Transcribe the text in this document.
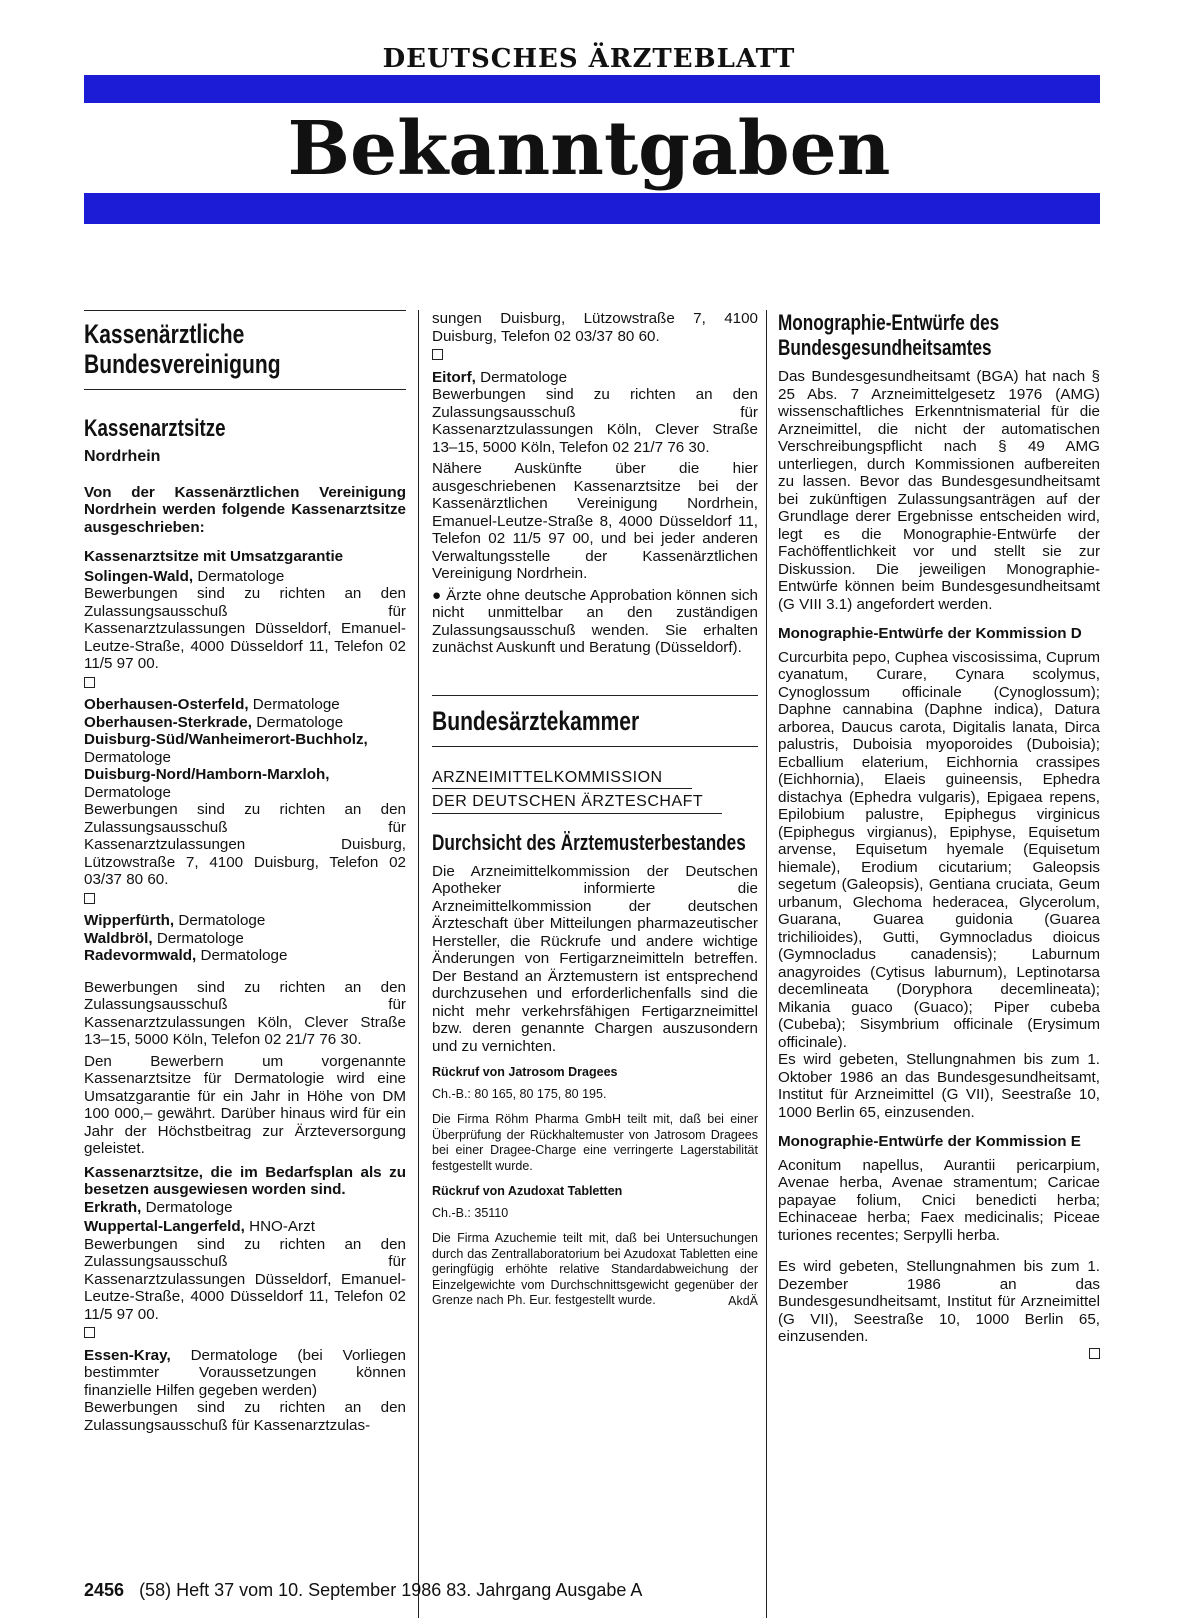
DEUTSCHES ÄRZTEBLATT
Bekanntgaben
Kassenärztliche Bundesvereinigung
Kassenarztsitze
Nordrhein

Von der Kassenärztlichen Vereinigung Nordrhein werden folgende Kassenarztsitze ausgeschrieben:

Kassenarztsitze mit Umsatzgarantie

Solingen-Wald, Dermatologe

Bewerbungen sind zu richten an den Zulassungsausschuß für Kassenarztzulassungen Düsseldorf, Emanuel-Leutze-Straße, 4000 Düsseldorf 11, Telefon 02 11/5 97 00.

Oberhausen-Osterfeld, Dermatologe

Oberhausen-Sterkrade, Dermatologe

Duisburg-Süd/Wanheimerort-Buchholz, Dermatologe

Duisburg-Nord/Hamborn-Marxloh, Dermatologe

Bewerbungen sind zu richten an den Zulassungsausschuß für Kassenarztzulassungen Duisburg, Lützowstraße 7, 4100 Duisburg, Telefon 02 03/37 80 60.

Wipperfürth, Dermatologe

Waldbröl, Dermatologe

Radevormwald, Dermatologe

Bewerbungen sind zu richten an den Zulassungsausschuß für Kassenarztzulassungen Köln, Clever Straße 13–15, 5000 Köln, Telefon 02 21/7 76 30.

Den Bewerbern um vorgenannte Kassenarztsitze für Dermatologie wird eine Umsatzgarantie für ein Jahr in Höhe von DM 100 000,– gewährt. Darüber hinaus wird für ein Jahr der Höchstbeitrag zur Ärzteversorgung geleistet.

Kassenarztsitze, die im Bedarfsplan als zu besetzen ausgewiesen worden sind.

Erkrath, Dermatologe

Wuppertal-Langerfeld, HNO-Arzt

Bewerbungen sind zu richten an den Zulassungsausschuß für Kassenarztzulassungen Düsseldorf, Emanuel-Leutze-Straße, 4000 Düsseldorf 11, Telefon 02 11/5 97 00.

Essen-Kray, Dermatologe (bei Vorliegen bestimmter Voraussetzungen können finanzielle Hilfen gegeben werden)

Bewerbungen sind zu richten an den Zulassungsausschuß für Kassenarztzulas-

sungen Duisburg, Lützowstraße 7, 4100 Duisburg, Telefon 02 03/37 80 60.

Eitorf, Dermatologe

Bewerbungen sind zu richten an den Zulassungsausschuß für Kassenarztzulassungen Köln, Clever Straße 13–15, 5000 Köln, Telefon 02 21/7 76 30.

Nähere Auskünfte über die hier ausgeschriebenen Kassenarztsitze bei der Kassenärztlichen Vereinigung Nordrhein, Emanuel-Leutze-Straße 8, 4000 Düsseldorf 11, Telefon 02 11/5 97 00, und bei jeder anderen Verwaltungsstelle der Kassenärztlichen Vereinigung Nordrhein.

● Ärzte ohne deutsche Approbation können sich nicht unmittelbar an den zuständigen Zulassungsausschuß wenden. Sie erhalten zunächst Auskunft und Beratung (Düsseldorf).

Bundesärztekammer
ARZNEIMITTELKOMMISSION
DER DEUTSCHEN ÄRZTESCHAFT
Durchsicht des Ärztemusterbestandes

Die Arzneimittelkommission der Deutschen Apotheker informierte die Arzneimittelkommission der deutschen Ärzteschaft über Mitteilungen pharmazeutischer Hersteller, die Rückrufe und andere wichtige Änderungen von Fertigarzneimitteln betreffen. Der Bestand an Ärztemustern ist entsprechend durchzusehen und erforderlichenfalls sind die nicht mehr verkehrsfähigen Fertigarzneimittel bzw. deren genannte Chargen auszusondern und zu vernichten.

Rückruf von Jatrosom Dragees

Ch.-B.: 80 165, 80 175, 80 195.

Die Firma Röhm Pharma GmbH teilt mit, daß bei einer Überprüfung der Rückhaltemuster von Jatrosom Dragees bei einer Dragee-Charge eine verringerte Lagerstabilität festgestellt wurde.

Rückruf von Azudoxat Tabletten

Ch.-B.: 35110

Die Firma Azuchemie teilt mit, daß bei Untersuchungen durch das Zentrallaboratorium bei Azudoxat Tabletten eine geringfügig erhöhte relative Standardabweichung der Einzelgewichte vom Durchschnittsgewicht gegenüber der Grenze nach Ph. Eur. festgestellt wurde.	AkdÄ

Monographie-Entwürfe des Bundesgesundheitsamtes

Das Bundesgesundheitsamt (BGA) hat nach § 25 Abs. 7 Arzneimittelgesetz 1976 (AMG) wissenschaftliches Erkenntnismaterial für die Arzneimittel, die nicht der automatischen Verschreibungspflicht nach § 49 AMG unterliegen, durch Kommissionen aufbereiten zu lassen. Bevor das Bundesgesundheitsamt bei zukünftigen Zulassungsanträgen auf der Grundlage derer Ergebnisse entscheiden wird, legt es die Monographie-Entwürfe der Fachöffentlichkeit vor und stellt sie zur Diskussion. Die jeweiligen Monographie-Entwürfe können beim Bundesgesundheitsamt (G VIII 3.1) angefordert werden.

Monographie-Entwürfe der Kommission D

Curcurbita pepo, Cuphea viscosissima, Cuprum cyanatum, Curare, Cynara scolymus, Cynoglossum officinale (Cynoglossum); Daphne cannabina (Daphne indica), Datura arborea, Daucus carota, Digitalis lanata, Dirca palustris, Duboisia myoporoides (Duboisia); Ecballium elaterium, Eichhornia crassipes (Eichhornia), Elaeis guineensis, Ephedra distachya (Ephedra vulgaris), Epigaea repens, Epilobium palustre, Epiphegus virginicus (Epiphegus virgianus), Epiphyse, Equisetum arvense, Equisetum hyemale (Equisetum hiemale), Erodium cicutarium; Galeopsis segetum (Galeopsis), Gentiana cruciata, Geum urbanum, Glechoma hederacea, Glycerolum, Guarana, Guarea guidonia (Guarea trichilioides), Gutti, Gymnocladus dioicus (Gymnocladus canadensis); Laburnum anagyroides (Cytisus laburnum), Leptinotarsa decemlineata (Doryphora decemlineata); Mikania guaco (Guaco); Piper cubeba (Cubeba); Sisymbrium officinale (Erysimum officinale).

Es wird gebeten, Stellungnahmen bis zum 1. Oktober 1986 an das Bundesgesundheitsamt, Institut für Arzneimittel (G VII), Seestraße 10, 1000 Berlin 65, einzusenden.

Monographie-Entwürfe der Kommission E

Aconitum napellus, Aurantii pericarpium, Avenae herba, Avenae stramentum; Caricae papayae folium, Cnici benedicti herba; Echinaceae herba; Faex medicinalis; Piceae turiones recentes; Serpylli herba.

Es wird gebeten, Stellungnahmen bis zum 1. Dezember 1986 an das Bundesgesundheitsamt, Institut für Arzneimittel (G VII), Seestraße 10, 1000 Berlin 65, einzusenden.

2456 (58) Heft 37 vom 10. September 1986 83. Jahrgang Ausgabe A
